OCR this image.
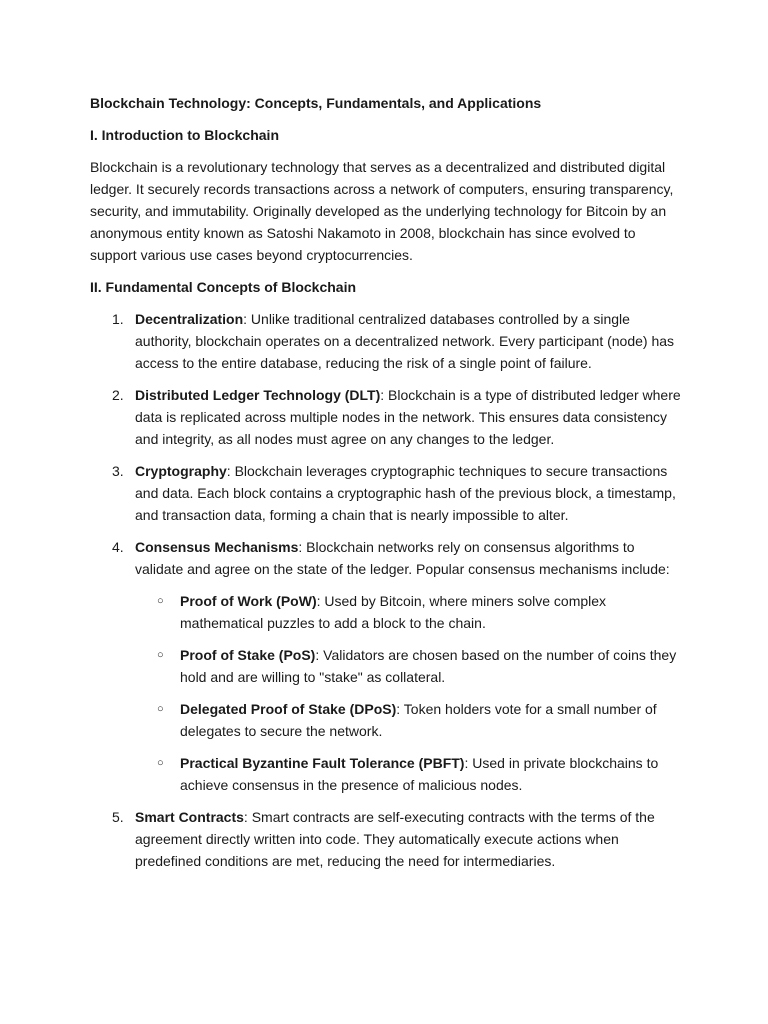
Blockchain Technology: Concepts, Fundamentals, and Applications

I. Introduction to Blockchain

Blockchain is a revolutionary technology that serves as a decentralized and distributed digital ledger. It securely records transactions across a network of computers, ensuring transparency, security, and immutability. Originally developed as the underlying technology for Bitcoin by an anonymous entity known as Satoshi Nakamoto in 2008, blockchain has since evolved to support various use cases beyond cryptocurrencies.

II. Fundamental Concepts of Blockchain

1. Decentralization: Unlike traditional centralized databases controlled by a single authority, blockchain operates on a decentralized network. Every participant (node) has access to the entire database, reducing the risk of a single point of failure.
2. Distributed Ledger Technology (DLT): Blockchain is a type of distributed ledger where data is replicated across multiple nodes in the network. This ensures data consistency and integrity, as all nodes must agree on any changes to the ledger.
3. Cryptography: Blockchain leverages cryptographic techniques to secure transactions and data. Each block contains a cryptographic hash of the previous block, a timestamp, and transaction data, forming a chain that is nearly impossible to alter.
4. Consensus Mechanisms: Blockchain networks rely on consensus algorithms to validate and agree on the state of the ledger. Popular consensus mechanisms include:
○ Proof of Work (PoW): Used by Bitcoin, where miners solve complex mathematical puzzles to add a block to the chain.
○ Proof of Stake (PoS): Validators are chosen based on the number of coins they hold and are willing to "stake" as collateral.
○ Delegated Proof of Stake (DPoS): Token holders vote for a small number of delegates to secure the network.
○ Practical Byzantine Fault Tolerance (PBFT): Used in private blockchains to achieve consensus in the presence of malicious nodes.
5. Smart Contracts: Smart contracts are self-executing contracts with the terms of the agreement directly written into code. They automatically execute actions when predefined conditions are met, reducing the need for intermediaries.
